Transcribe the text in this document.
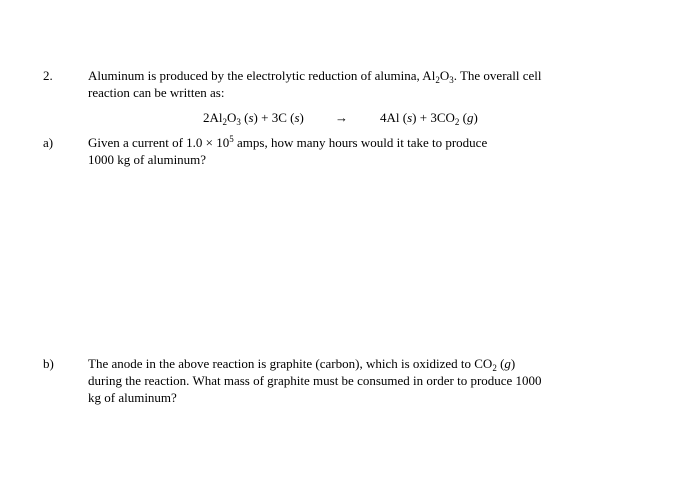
2.	Aluminum is produced by the electrolytic reduction of alumina, $Al_2O_3$. The overall cell
reaction can be written as:
$2Al_2O_3$ (s) + 3C (s) → 4Al $(s) + 3CO_2$ (g)
a)	Given a current of $1.0 \times 10^5$ amps, how many hours would it take to produce
1000 kg of aluminum?
b)	The anode in the above reaction is graphite (carbon), which is oxidized to $CO_2$ (g)
during the reaction. What mass of graphite must be consumed in order to produce 1000
kg of aluminum?
